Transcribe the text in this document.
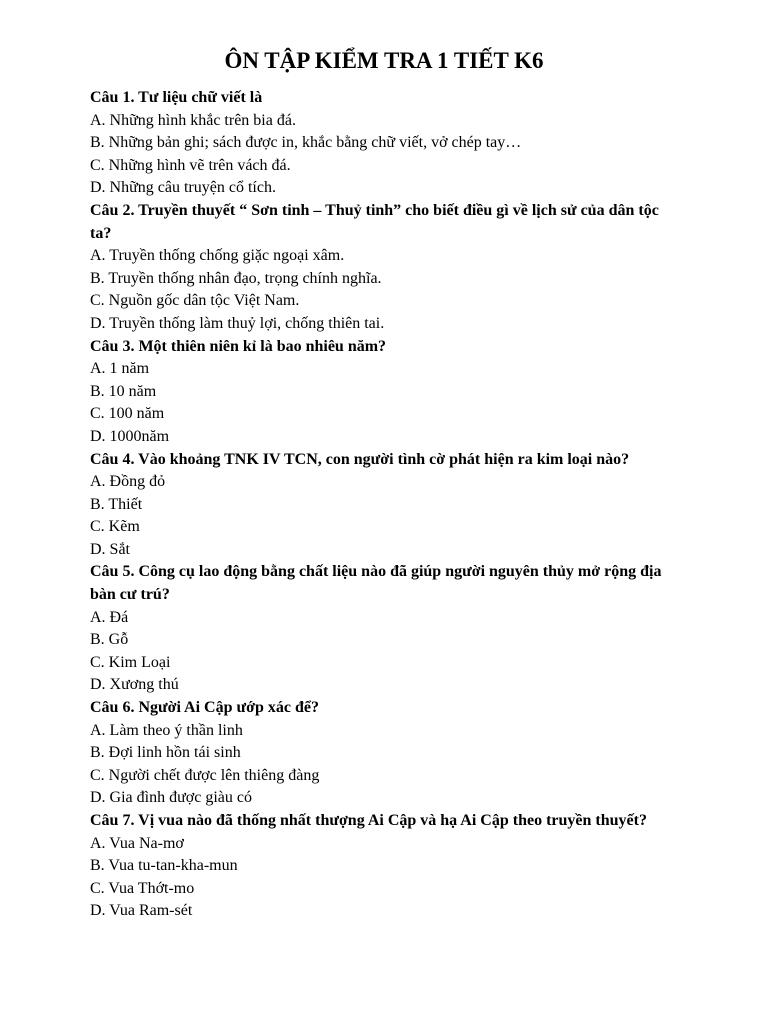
ÔN TẬP KIỂM TRA 1 TIẾT K6

Câu 1. Tư liệu chữ viết là

A. Những hình khắc trên bia đá.

B. Những bản ghi; sách được in, khắc bằng chữ viết, vở chép tay…

C. Những hình vẽ trên vách đá.

D. Những câu truyện cổ tích.

Câu 2. Truyền thuyết “ Sơn tinh – Thuỷ tinh” cho biết điều gì về lịch sử của dân tộc ta?

A. Truyền thống chống giặc ngoại xâm.

B. Truyền thống nhân đạo, trọng chính nghĩa.

C. Nguồn gốc dân tộc Việt Nam.

D. Truyền thống làm thuỷ lợi, chống thiên tai.

Câu 3. Một thiên niên kỉ là bao nhiêu năm?

A. 1 năm

B. 10 năm

C. 100 năm

D. 1000năm

Câu 4. Vào khoảng TNK IV TCN, con người tình cờ phát hiện ra kim loại nào?

A. Đồng đỏ

B. Thiết

C. Kẽm

D. Sắt

Câu 5. Công cụ lao động bằng chất liệu nào đã giúp người nguyên thủy mở rộng địa bàn cư trú?

A. Đá

B. Gỗ

C. Kim Loại

D. Xương thú

Câu 6. Người Ai Cập ướp xác để?

A. Làm theo ý thần linh

B. Đợi linh hồn tái sinh

C. Người chết được lên thiêng đàng

D. Gia đình được giàu có

Câu 7. Vị vua nào đã thống nhất thượng Ai Cập và hạ Ai Cập theo truyền thuyết?

A. Vua Na-mơ

B. Vua tu-tan-kha-mun

C. Vua Thớt-mo

D. Vua Ram-sét
